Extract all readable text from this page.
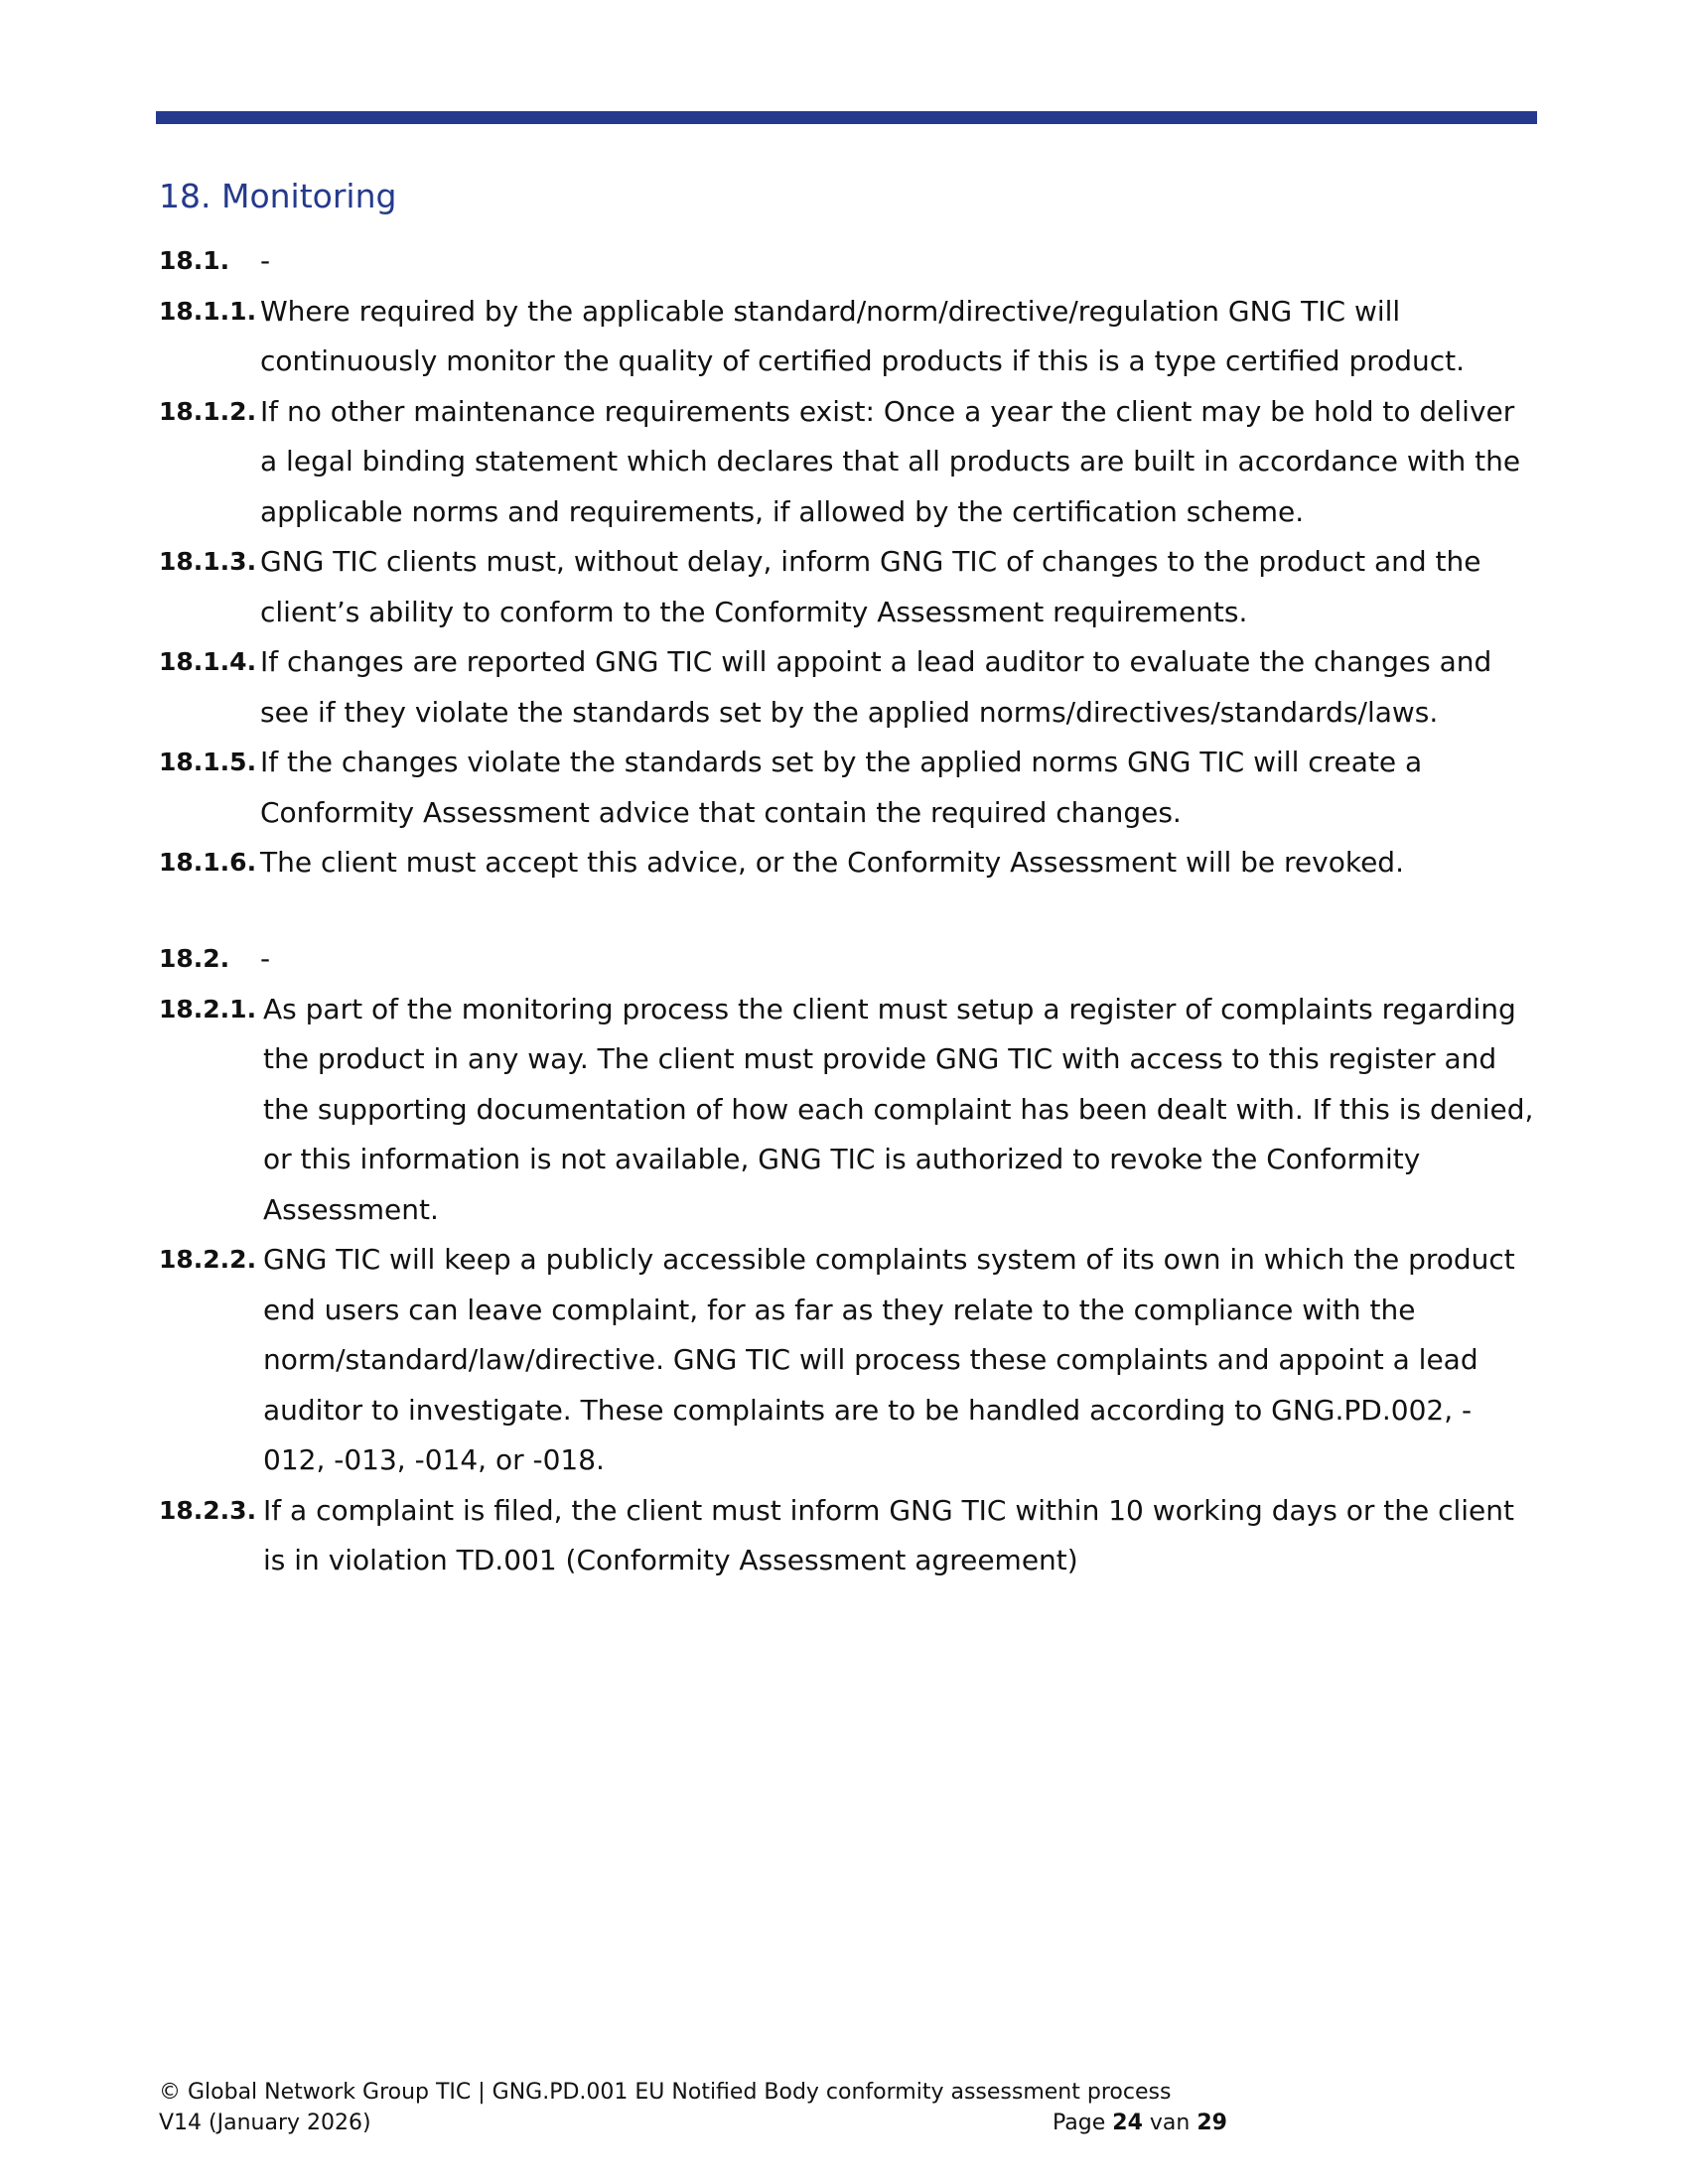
18. Monitoring
18.1.	-
18.1.1. Where required by the applicable standard/norm/directive/regulation GNG TIC will
continuously monitor the quality of certified products if this is a type certified product.
18.1.2. If no other maintenance requirements exist: Once a year the client may be hold to deliver
a legal binding statement which declares that all products are built in accordance with the
applicable norms and requirements, if allowed by the certification scheme.
18.1.3. GNG TIC clients must, without delay, inform GNG TIC of changes to the product and the
client’s ability to conform to the Conformity Assessment requirements.
18.1.4. If changes are reported GNG TIC will appoint a lead auditor to evaluate the changes and
see if they violate the standards set by the applied norms/directives/standards/laws.
18.1.5. If the changes violate the standards set by the applied norms GNG TIC will create a
Conformity Assessment advice that contain the required changes.
18.1.6. The client must accept this advice, or the Conformity Assessment will be revoked.
18.2.	-
18.2.1. As part of the monitoring process the client must setup a register of complaints regarding
the product in any way. The client must provide GNG TIC with access to this register and
the supporting documentation of how each complaint has been dealt with. If this is denied,
or this information is not available, GNG TIC is authorized to revoke the Conformity
Assessment.
18.2.2. GNG TIC will keep a publicly accessible complaints system of its own in which the product
end users can leave complaint, for as far as they relate to the compliance with the
norm/standard/law/directive. GNG TIC will process these complaints and appoint a lead
auditor to investigate. These complaints are to be handled according to GNG.PD.002, -
012, -013, -014, or -018.
18.2.3. If a complaint is filed, the client must inform GNG TIC within 10 working days or the client
is in violation TD.001 (Conformity Assessment agreement)
© Global Network Group TIC | GNG.PD.001 EU Notified Body conformity assessment process
V14 (January 2026)	Page 24 van 29
